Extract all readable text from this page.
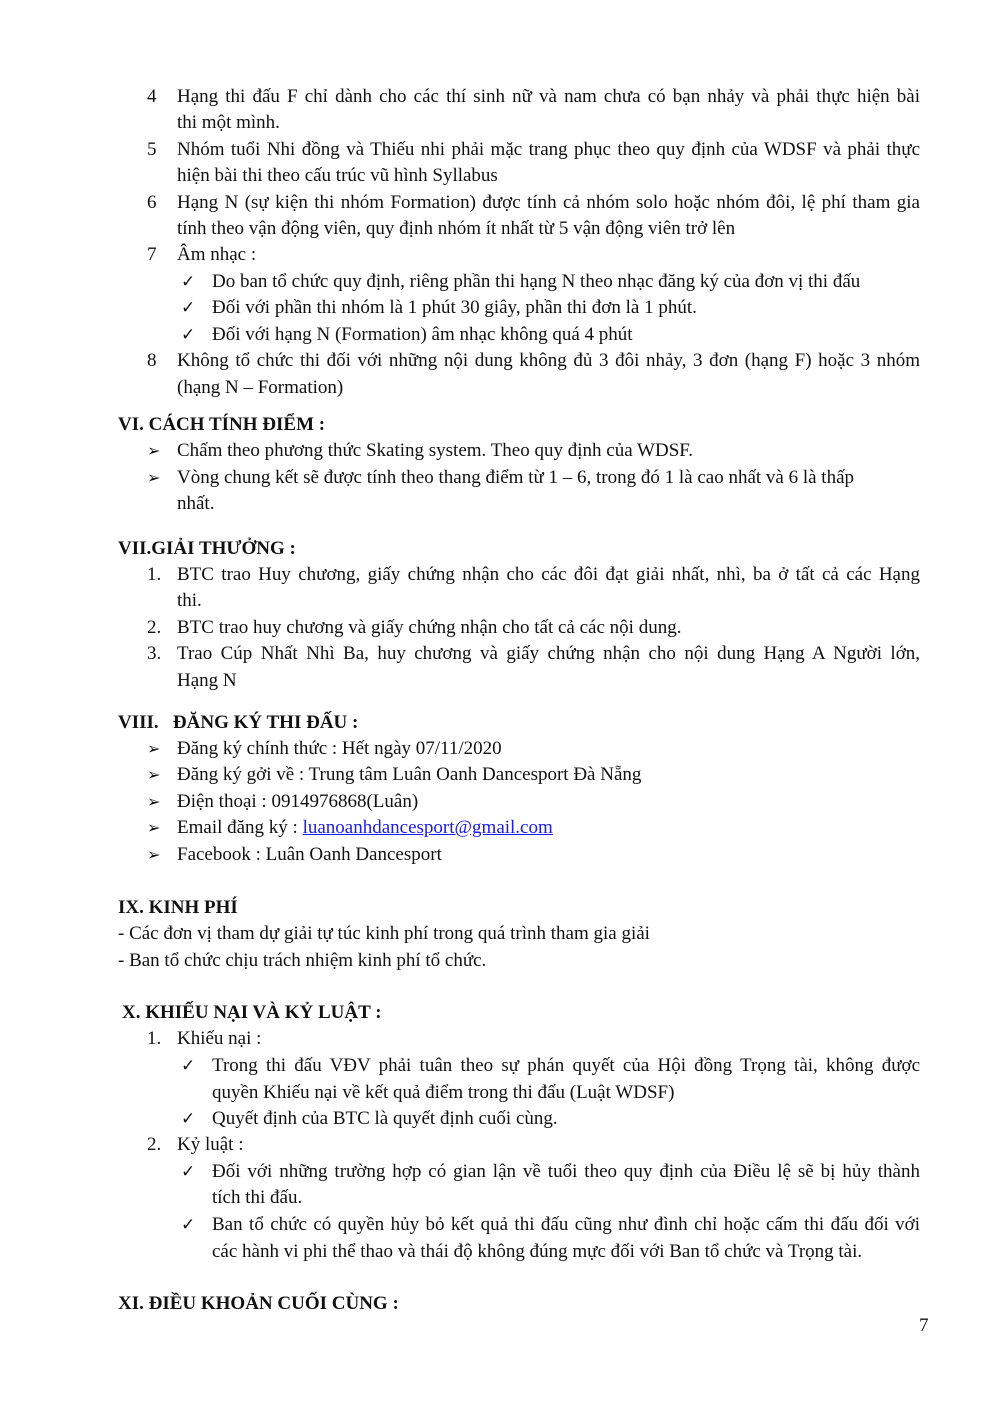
4	Hạng thi đấu F chỉ dành cho các thí sinh nữ và nam chưa có bạn nhảy và phải thực hiện bài
thi một mình.
5	Nhóm tuổi Nhi đồng và Thiếu nhi phải mặc trang phục theo quy định của WDSF và phải thực
hiện bài thi theo cấu trúc vũ hình Syllabus
6	Hạng N (sự kiện thi nhóm Formation) được tính cả nhóm solo hoặc nhóm đôi, lệ phí tham gia
tính theo vận động viên, quy định nhóm ít nhất từ 5 vận động viên trở lên
7	Âm nhạc :
✓ Do ban tổ chức quy định, riêng phần thi hạng N theo nhạc đăng ký của đơn vị thi đấu
✓ Đối với phần thi nhóm là 1 phút 30 giây, phần thi đơn là 1 phút.
✓ Đối với hạng N (Formation) âm nhạc không quá 4 phút
8	Không tổ chức thi đối với những nội dung không đủ 3 đôi nhảy, 3 đơn (hạng F) hoặc 3 nhóm
(hạng N – Formation)
VI. CÁCH TÍNH ĐIỂM :
➢ Chấm theo phương thức Skating system. Theo quy định của WDSF.
➢ Vòng chung kết sẽ được tính theo thang điểm từ 1 – 6, trong đó 1 là cao nhất và 6 là thấp
nhất.
VII.GIẢI THƯỞNG :
1. BTC trao Huy chương, giấy chứng nhận cho các đôi đạt giải nhất, nhì, ba ở tất cả các Hạng
thi.
2. BTC trao huy chương và giấy chứng nhận cho tất cả các nội dung.
3. Trao Cúp Nhất Nhì Ba, huy chương và giấy chứng nhận cho nội dung Hạng A Người lớn,
Hạng N
VIII.   ĐĂNG KÝ THI ĐẤU :
➢ Đăng ký chính thức : Hết ngày 07/11/2020
➢ Đăng ký gởi về : Trung tâm Luân Oanh Dancesport Đà Nẵng
➢ Điện thoại : 0914976868(Luân)
➢ Email đăng ký : luanoanhdancesport@gmail.com
➢ Facebook : Luân Oanh Dancesport
IX. KINH PHÍ
- Các đơn vị tham dự giải tự túc kinh phí trong quá trình tham gia giải
- Ban tổ chức chịu trách nhiệm kinh phí tổ chức.
X. KHIẾU NẠI VÀ KỶ LUẬT :
1. Khiếu nại :
✓ Trong thi đấu VĐV phải tuân theo sự phán quyết của Hội đồng Trọng tài, không được
quyền Khiếu nại về kết quả điểm trong thi đấu (Luật WDSF)
✓ Quyết định của BTC là quyết định cuối cùng.
2. Kỷ luật :
✓ Đối với những trường hợp có gian lận về tuổi theo quy định của Điều lệ sẽ bị hủy thành
tích thi đấu.
✓ Ban tổ chức có quyền hủy bỏ kết quả thi đấu cũng như đình chỉ hoặc cấm thi đấu đối với
các hành vi phi thể thao và thái độ không đúng mực đối với Ban tổ chức và Trọng tài.
XI. ĐIỀU KHOẢN CUỐI CÙNG :
7
